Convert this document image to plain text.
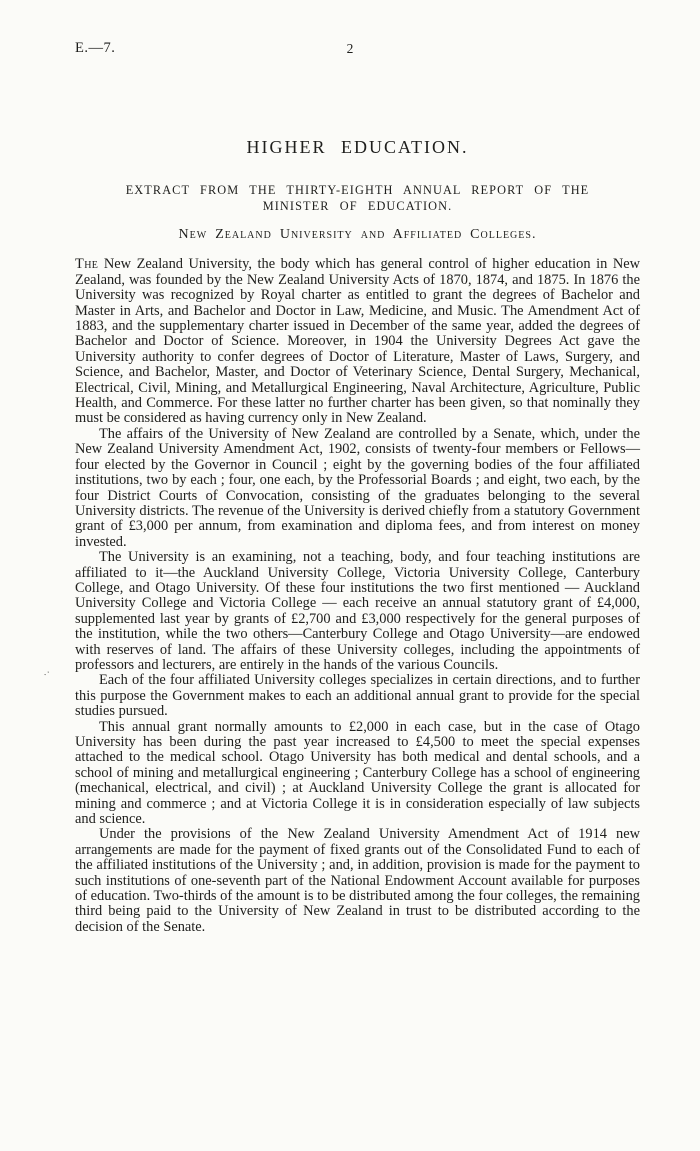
E.—7.	2
··
HIGHER EDUCATION.
EXTRACT FROM THE THIRTY-EIGHTH ANNUAL REPORT OF THE
MINISTER OF EDUCATION.
New Zealand University and Affiliated Colleges.

The New Zealand University, the body which has general control of higher education in New Zealand, was founded by the New Zealand University Acts of 1870, 1874, and 1875. In 1876 the University was recognized by Royal charter as entitled to grant the degrees of Bachelor and Master in Arts, and Bachelor and Doctor in Law, Medicine, and Music. The Amendment Act of 1883, and the supplementary charter issued in December of the same year, added the degrees of Bachelor and Doctor of Science. Moreover, in 1904 the University Degrees Act gave the University authority to confer degrees of Doctor of Literature, Master of Laws, Surgery, and Science, and Bachelor, Master, and Doctor of Veterinary Science, Dental Surgery, Mechanical, Electrical, Civil, Mining, and Metallurgical Engineering, Naval Architecture, Agriculture, Public Health, and Commerce. For these latter no further charter has been given, so that nominally they must be considered as having currency only in New Zealand.

The affairs of the University of New Zealand are controlled by a Senate, which, under the New Zealand University Amendment Act, 1902, consists of twenty-four members or Fellows—four elected by the Governor in Council ; eight by the governing bodies of the four affiliated institutions, two by each ; four, one each, by the Professorial Boards ; and eight, two each, by the four District Courts of Convocation, consisting of the graduates belonging to the several University districts. The revenue of the University is derived chiefly from a statutory Government grant of £3,000 per annum, from examination and diploma fees, and from interest on money invested.

The University is an examining, not a teaching, body, and four teaching institutions are affiliated to it—the Auckland University College, Victoria University College, Canterbury College, and Otago University. Of these four institutions the two first mentioned — Auckland University College and Victoria College — each receive an annual statutory grant of £4,000, supplemented last year by grants of £2,700 and £3,000 respectively for the general purposes of the institution, while the two others—Canterbury College and Otago University—are endowed with reserves of land. The affairs of these University colleges, including the appointments of professors and lecturers, are entirely in the hands of the various Councils.

Each of the four affiliated University colleges specializes in certain directions, and to further this purpose the Government makes to each an additional annual grant to provide for the special studies pursued.

This annual grant normally amounts to £2,000 in each case, but in the case of Otago University has been during the past year increased to £4,500 to meet the special expenses attached to the medical school. Otago University has both medical and dental schools, and a school of mining and metallurgical engineering ; Canterbury College has a school of engineering (mechanical, electrical, and civil) ; at Auckland University College the grant is allocated for mining and commerce ; and at Victoria College it is in consideration especially of law subjects and science.

Under the provisions of the New Zealand University Amendment Act of 1914 new arrangements are made for the payment of fixed grants out of the Consolidated Fund to each of the affiliated institutions of the University ; and, in addition, provision is made for the payment to such institutions of one-seventh part of the National Endowment Account available for purposes of education. Two-thirds of the amount is to be distributed among the four colleges, the remaining third being paid to the University of New Zealand in trust to be distributed according to the decision of the Senate.
